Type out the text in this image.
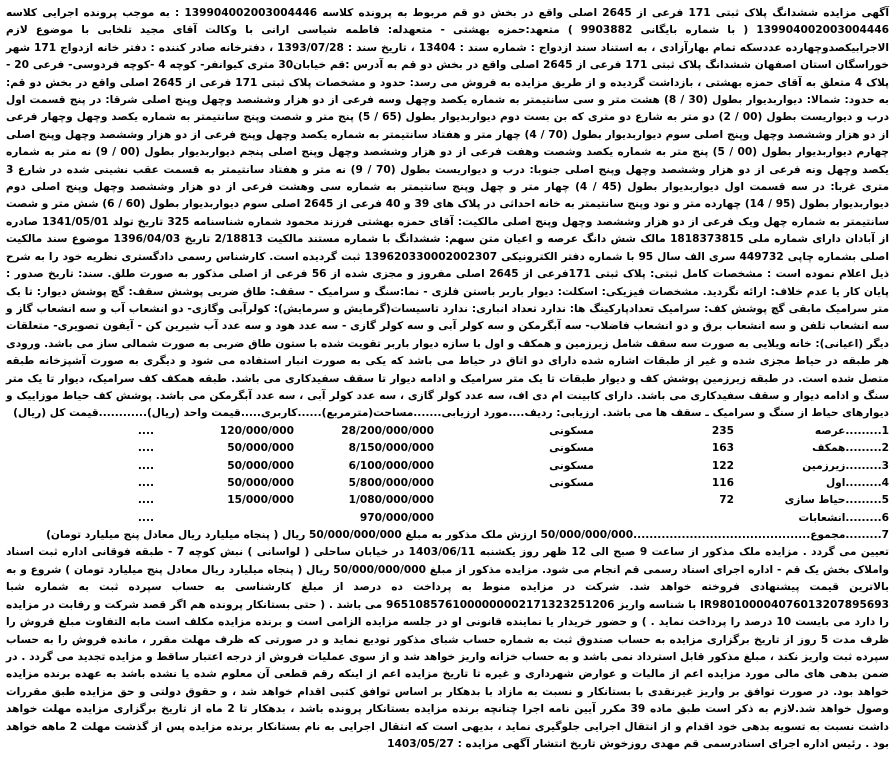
آگهی مزایده ششدانگ پلاک ثبتی 171 فرعی از 2645 اصلی واقع در بخش دو قم مربوط به پرونده کلاسه 139904002003004446 : به موجب پرونده اجرایی کلاسه 139904002003004446 ( با شماره بایگانی 9903882 ) متعهد:حمزه بهشتی - متعهدله: فاطمه شیاسی ارانی با وکالت آقای مجید تلخابی با موضوع لازم الاجرابیکصدوچهارده عددسکه تمام بهارآزادی ، به استناد سند ازدواج : شماره سند : 13404 ، تاریخ سند : 1393/07/28 ، دفترخانه صادر کننده : دفتر خانه ازدواج 171 شهر خوراسگان استان اصفهان ششدانگ پلاک ثبتی 171 فرعی از 2645 اصلی واقع در بخش دو قم به آدرس :قم خیابان30 متری کیوانفر- کوچه 4 -کوچه فردوسی- فرعی 20 - پلاک 4 متعلق به آقای حمزه بهشتی ، بازداشت گردیده و از طریق مزایده به فروش می رسد: حدود و مشخصات پلاک ثبتی 171 فرعی از 2645 اصلی واقع در بخش دو قم: به حدود: شمالا: دیواربدیوار بطول (30 / 8) هشت متر و سی سانتیمتر به شماره یکصد وچهل وسه فرعی از دو هزار وششصد وچهل وپنج اصلی شرقا: در پنج قسمت اول درب و دیواریست بطول (00 / 2) دو متر به شارع دو متری که بن بست دوم دیواربدیوار بطول (65 / 5) پنج متر و شصت وپنج سانتیمتر به شماره یکصد وچهل وچهار فرعی از دو هزار وششصد وچهل وپنج اصلی سوم دیواربدیوار بطول (70 / 4) چهار متر و هفتاد سانتیمتر به شماره یکصد وچهل وپنج فرعی از دو هزار وششصد وچهل وپنج اصلی چهارم دیواربدیوار بطول (00 / 5) پنج متر به شماره یکصد وشصت وهفت فرعی از دو هزار وششصد وچهل وپنج اصلی پنجم دیواربدیوار بطول (00 / 9) نه متر به شماره یکصد وچهل ونه فرعی از دو هزار وششصد وچهل وپنج اصلی جنوبا: درب و دیواریست بطول (70 / 9) نه متر و هفتاد سانتیمتر به قسمت عقب نشینی شده در شارع 3 متری غربا: در سه قسمت اول دیواربدیوار بطول (45 / 4) چهار متر و چهل وپنج سانتیمتر به شماره سی وهشت فرعی از دو هزار وششصد وچهل وپنج اصلی دوم دیواربدیوار بطول (95 / 14) چهارده متر و نود وپنج سانتیمتر به خانه احداثی در پلاک های 39 و 40 فرعی از 2645 اصلی سوم دیواربدیوار بطول (60 / 6) شش متر و شصت سانتیمتر به شماره چهل ویک فرعی از دو هزار وششصد وچهل وپنج اصلی مالکیت: آقای حمزه بهشتی فرزند محمود شماره شناسنامه 325 تاریخ تولد 1341/05/01 صادره از آبادان دارای شماره ملی 1818373815 مالک شش دانگ عرصه و اعیان متن سهم: ششدانگ با شماره مستند مالکیت 2/18813 تاریخ 1396/04/03 موضوع سند مالکیت اصلی بشماره چاپی 449732 سری الف سال 95 با شماره دفتر الکترونیکی 139620330002002307 ثبت گردیده است. کارشناس رسمی دادگستری نظریه خود را به شرح ذیل اعلام نموده است : مشخصات کامل ثبتی: پلاک ثبتی 171فرعی از 2645 اصلی مفروز و مجزی شده از 56 فرعی از اصلی مذکور به صورت طلق. سند: تاریخ صدور : پایان کار یا عدم خلاف: ارائه نگردید. مشخصات فیزیکی: اسکلت: دیوار باربر باستن فلزی - نما:سنگ و سرامیک - سقف: طاق ضربی پوشش سقف: گچ پوشش دیوار: تا یک متر سرامیک مابقی گچ پوشش کف: سرامیک تعدادپارکینگ ها: ندارد تعداد انباری: ندارد تاسیسات(گرمایش و سرمایش): کولرآبی وگازی- دو انشعاب آب و سه انشعاب گاز و سه انشعاب تلفن و سه انشعاب برق و دو انشعاب فاضلاب- سه آبگرمکن و سه کولر آبی و سه کولر گازی - سه عدد هود و سه عدد آب شیرین کن - آیفون تصویری- متعلقات دیگر (اعیانی): خانه ویلایی به صورت سه سقف شامل زیرزمین و همکف و اول با سازه دیوار باربر تقویت شده با ستون طاق ضربی به صورت شمالی ساز می باشد. ورودی هر طبقه در حیاط مجزی شده و غیر از طبقات اشاره شده دارای دو اتاق در حیاط می باشد که یکی به صورت انبار استفاده می شود و دیگری به صورت آشپزخانه طبقه متصل شده است. در طبقه زیرزمین پوشش کف و دیوار طبقات تا یک متر سرامیک و ادامه دیوار تا سقف سفیدکاری می باشد. طبقه همکف کف سرامیک، دیوار تا یک متر سنگ و ادامه دیوار و سقف سفیدکاری می باشد. دارای کابینت ام دی اف، سه عدد کولر گازی ، سه عدد کولر آبی ، سه عدد آبگرمکن می باشد. پوشش کف حیاط موزاییک و دیوارهای حیاط از سنگ و سرامیک ـ سقف ها می باشد. ارزیابی: ردیف....مورد ارزیابی.......مساحت(مترمربع)......کاربری.....قیمت واحد (ریال)............قیمت کل (ریال)

1.........عرصه
235
مسکونی
28/200/000/000
120/000/000
....
2.........همکف
163
مسکونی
8/150/000/000
50/000/000
....
3.........زیرزمین
122
مسکونی
6/100/000/000
50/000/000
....
4.........اول
116
مسکونی
5/800/000/000
50/000/000
....
5.........حیاط سازی
72
1/080/000/000
15/000/000
....
6.........انشعابات
970/000/000
....
7.........مجموع............................................50/000/000/000 ارزش ملک مذکور به مبلغ 50/000/000/000 ریال ( پنجاه میلیارد ریال معادل پنج میلیارد تومان)

تعیین می گردد . مزایده ملک مذکور از ساعت 9 صبح الی 12 ظهر روز یکشنبه 1403/06/11 در خیابان ساحلی ( لواسانی ) نبش کوچه 7 - طبقه فوقانی اداره ثبت اسناد واملاک بخش یک قم - اداره اجرای اسناد رسمی قم انجام می شود. مزایده مذکور از مبلغ 50/000/000/000 ریال ( پنجاه میلیارد ریال معادل پنج میلیارد تومان ) شروع و به بالاترین قیمت پیشنهادی فروخته خواهد شد. شرکت در مزایده منوط به پرداخت ده درصد از مبلغ کارشناسی به حساب سپرده ثبت به شماره شبا IR980100004076013207895693 با شناسه واریز 9651085761000000002171323251206 می باشد . ( حتی بستانکار پرونده هم اگر قصد شرکت و رقابت در مزایده را دارد می بایست 10 درصد را پرداخت نماید . ) و حضور خریدار یا نماینده قانونی او در جلسه مزایده الزامی است و برنده مزایده مکلف است مابه التفاوت مبلغ فروش را ظرف مدت 5 روز از تاریخ برگزاری مزایده به حساب صندوق ثبت به شماره حساب شبای مذکور تودیع نماید و در صورتی که ظرف مهلت مقرر ، مانده فروش را به حساب سپرده ثبت واریز نکند ، مبلغ مذکور قابل استرداد نمی باشد و به حساب خزانه واریز خواهد شد و از سوی عملیات فروش از درجه اعتبار ساقط و مزایده تجدید می گردد . در ضمن بدهی های مالی مورد مزایده اعم از مالیات و عوارض شهرداری و غیره تا تاریخ مزایده اعم از اینکه رقم قطعی آن معلوم شده یا نشده باشد به عهده برنده مزایده خواهد بود. در صورت توافق بر واریز غیرنقدی با بستانکار و نسبت به مازاد با بدهکار بر اساس توافق کتبی اقدام خواهد شد ، و حقوق دولتی و حق مزایده طبق مقررات وصول خواهد شد.لازم به ذکر است طبق ماده 39 مکرر آیین نامه اجرا چنانچه برنده مزایده بستانکار پرونده باشد ، بدهکار تا 2 ماه از تاریخ برگزاری مزایده مهلت خواهد داشت نسبت به تسویه بدهی خود اقدام و از انتقال اجرایی جلوگیری نماید ، بدیهی است که انتقال اجرایی به نام بستانکار برنده مزایده پس از گذشت مهلت 2 ماهه خواهد بود . رئیس اداره اجرای اسنادرسمی قم مهدی روزخوش تاریخ انتشار آگهی مزایده : 1403/05/27
